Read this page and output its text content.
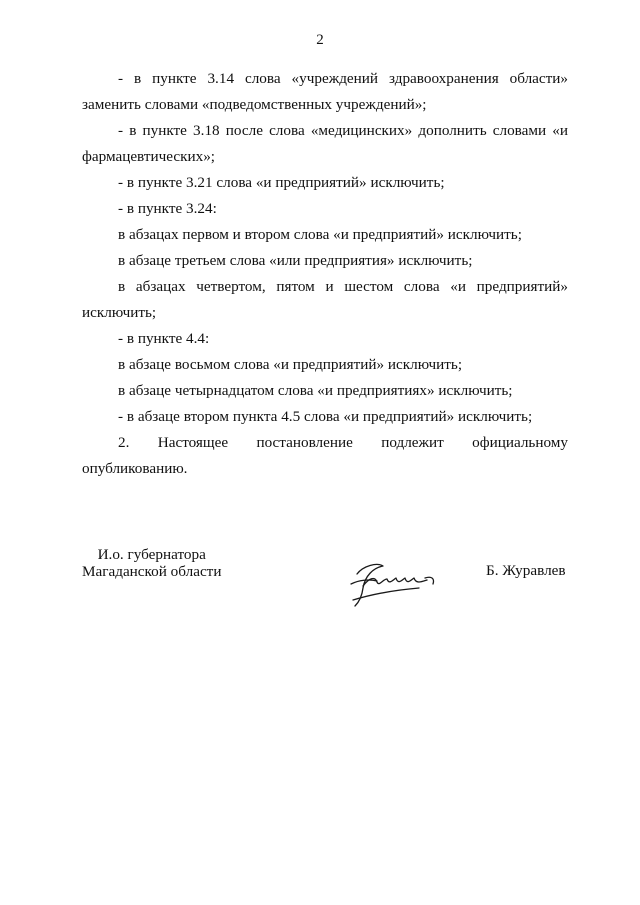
2

- в пункте 3.14 слова «учреждений здравоохранения области» заменить словами «подведомственных учреждений»;

- в пункте 3.18 после слова «медицинских» дополнить словами «и фармацевтических»;

- в пункте 3.21 слова «и предприятий» исключить;

- в пункте 3.24:

в абзацах первом и втором слова «и предприятий» исключить;

в абзаце третьем слова «или предприятия» исключить;

в абзацах четвертом, пятом и шестом слова «и предприятий» исключить;

- в пункте 4.4:

в абзаце восьмом слова «и предприятий» исключить;

в абзаце четырнадцатом слова «и предприятиях» исключить;

- в абзаце втором пункта 4.5 слова «и предприятий» исключить;

2. Настоящее постановление подлежит официальному опубликованию.

И.о. губернатора
Магаданской области	Б. Журавлев
